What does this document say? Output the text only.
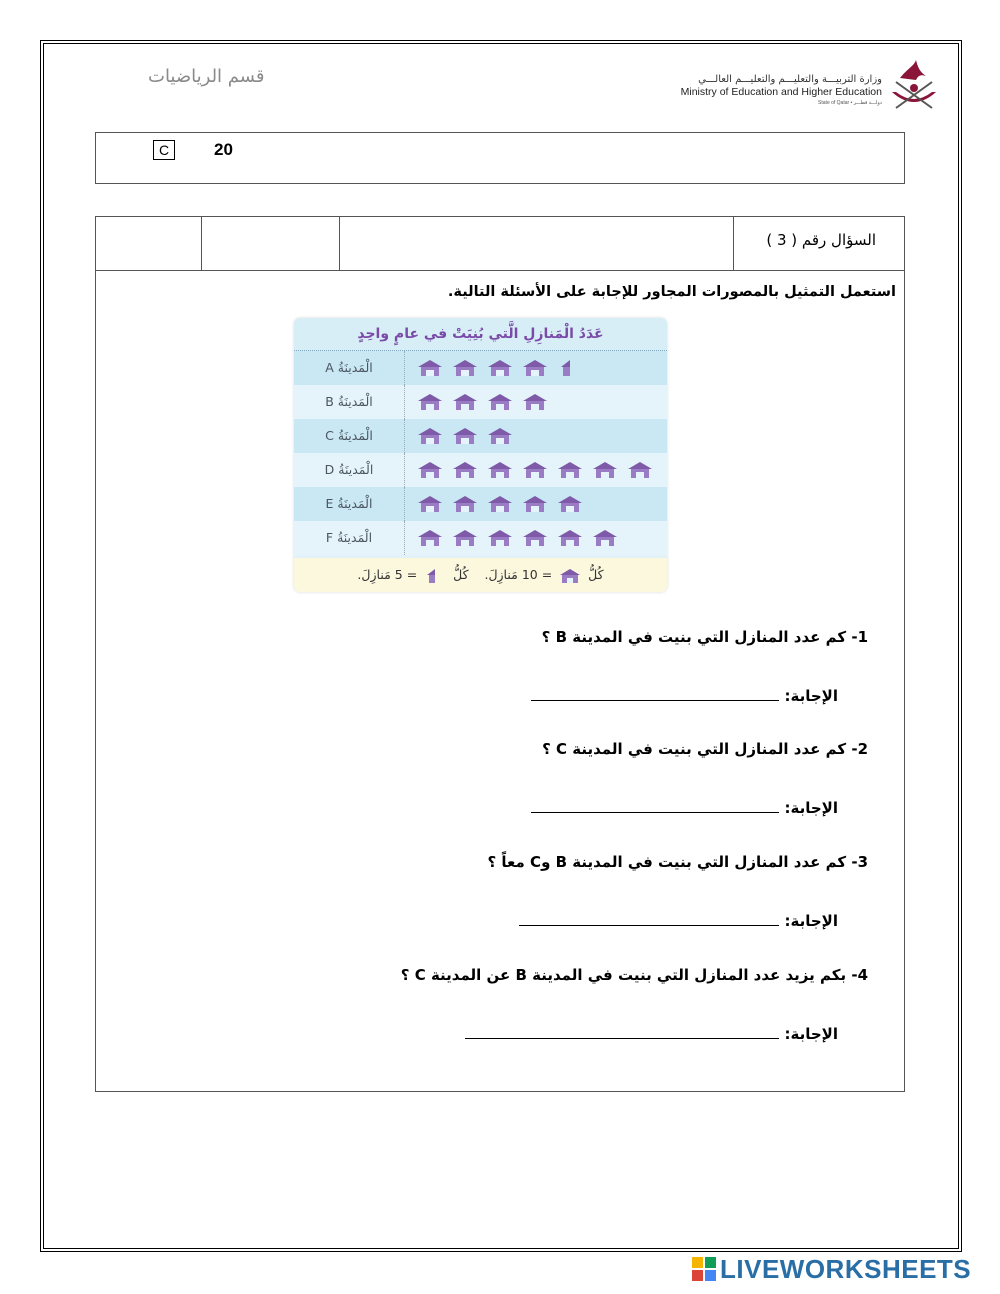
قسم الرياضيات	وزارة التربيـــة والتعليـــم والتعليـــم العالـــي
Ministry of Education and Higher Education
State of Qatar • دولـــة قطـــر
C	20
السؤال رقم ( 3 )
استعمل التمثيل بالمصورات المجاور للإجابة على الأسئلة التالية.
عَدَدُ الْمَنازِلِ الَّتي بُنِيَتْ في عامٍ واحِدٍ
الْمَدينَةُ A
الْمَدينَةُ B
الْمَدينَةُ C
الْمَدينَةُ D
الْمَدينَةُ E
الْمَدينَةُ F
كُلُّ  = 10 مَنازِلَ.    كُلُّ  = 5 مَنازِلَ.
1- كم عدد المنازل التي بنيت في المدينة B ؟
الإجابة:
2- كم عدد المنازل التي بنيت في المدينة C ؟
الإجابة:
3- كم عدد المنازل التي بنيت في المدينة B وC معاً ؟
الإجابة:
4- بكم يزيد عدد المنازل التي بنيت في المدينة B عن المدينة C ؟
الإجابة:
LIVEWORKSHEETS
